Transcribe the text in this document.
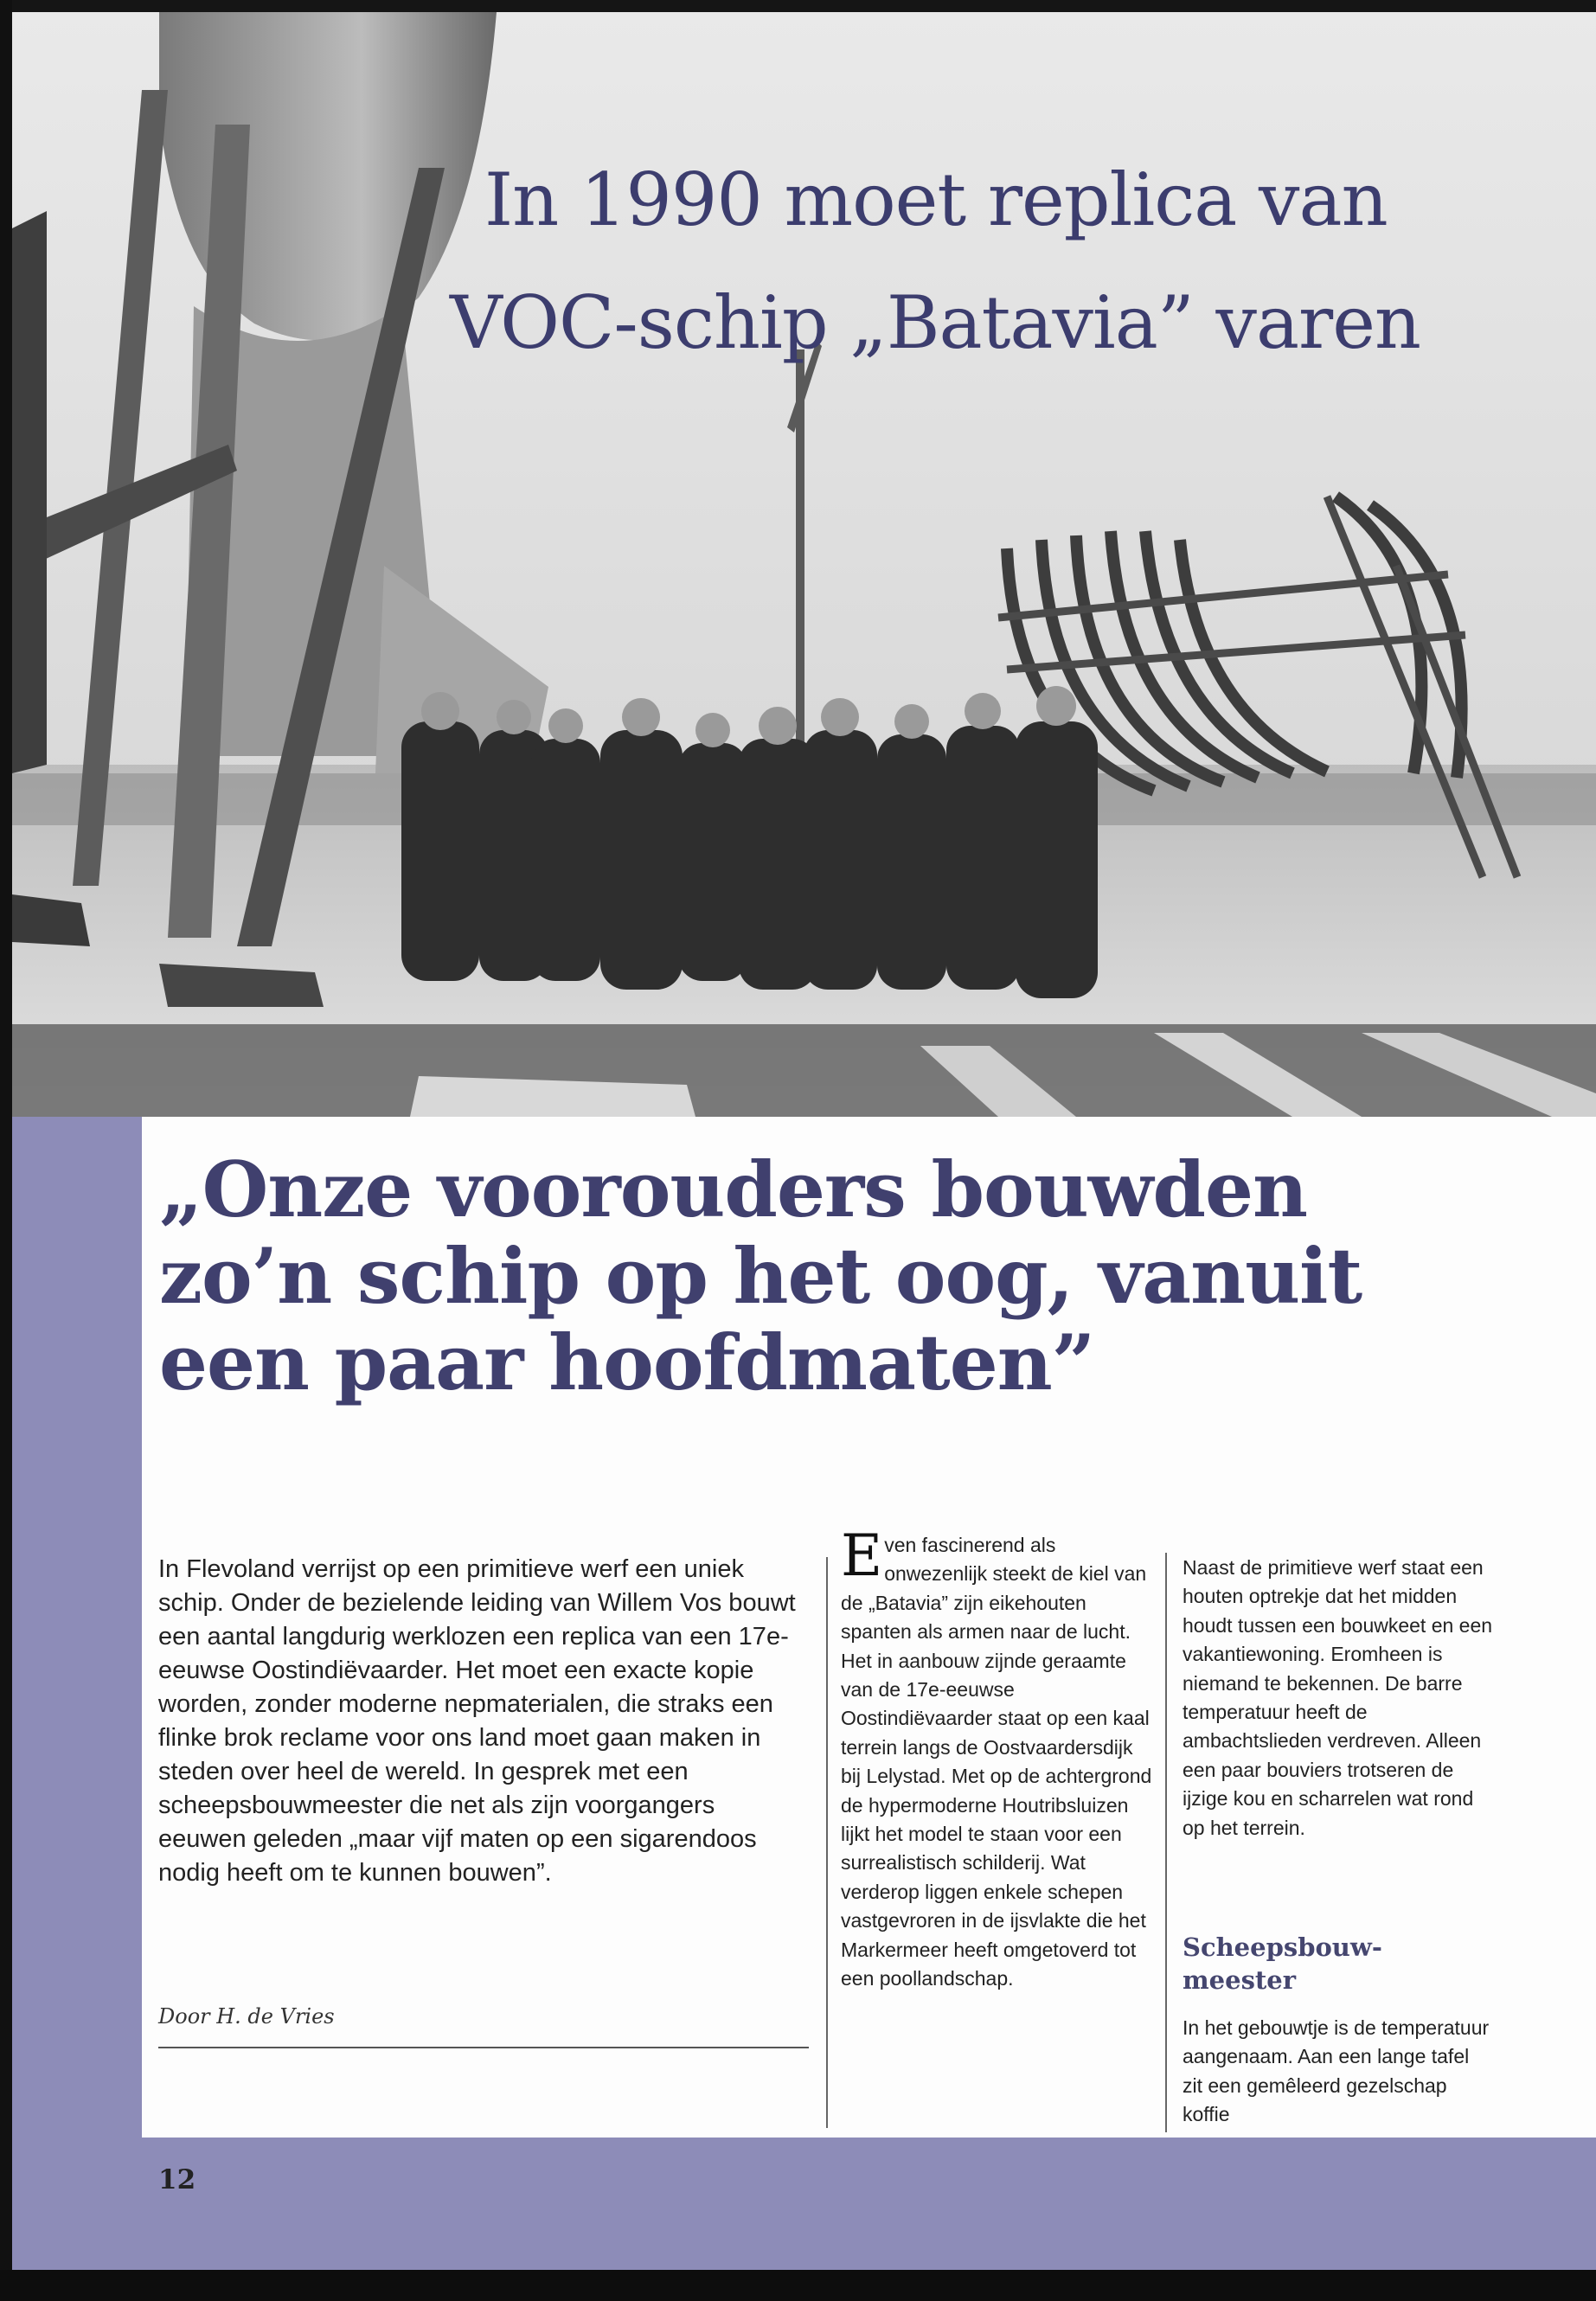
In 1990 moet replica van
VOC-schip „Batavia” varen
„Onze voorouders bouwden
zo’n schip op het oog, vanuit
een paar hoofdmaten”

In Flevoland verrijst op een primitieve werf een uniek schip. Onder de bezielende leiding van Willem Vos bouwt een aantal langdurig werklozen een replica van een 17e-eeuwse Oostindiëvaarder. Het moet een exacte kopie worden, zonder moderne nepmaterialen, die straks een flinke brok reclame voor ons land moet gaan maken in steden over heel de wereld. In gesprek met een scheepsbouwmeester die net als zijn voorgangers eeuwen geleden „maar vijf maten op een sigarendoos nodig heeft om te kunnen bouwen”.

Door H. de Vries
Even fascinerend als onwezenlijk steekt de kiel van de „Batavia” zijn eikehouten spanten als armen naar de lucht. Het in aanbouw zijnde geraamte van de 17e-eeuwse Oostindiëvaarder staat op een kaal terrein langs de Oostvaardersdijk bij Lelystad. Met op de achtergrond de hypermoderne Houtribsluizen lijkt het model te staan voor een surrealistisch schilderij. Wat verderop liggen enkele schepen vastgevroren in de ijsvlakte die het Markermeer heeft omgetoverd tot een poollandschap.
Naast de primitieve werf staat een houten optrekje dat het midden houdt tussen een bouwkeet en een vakantiewoning. Eromheen is niemand te bekennen. De barre temperatuur heeft de ambachtslieden verdreven. Alleen een paar bouviers trotseren de ijzige kou en scharrelen wat rond op het terrein.
Scheepsbouw-meester
In het gebouwtje is de temperatuur aangenaam. Aan een lange tafel zit een gemêleerd gezelschap koffie
12
